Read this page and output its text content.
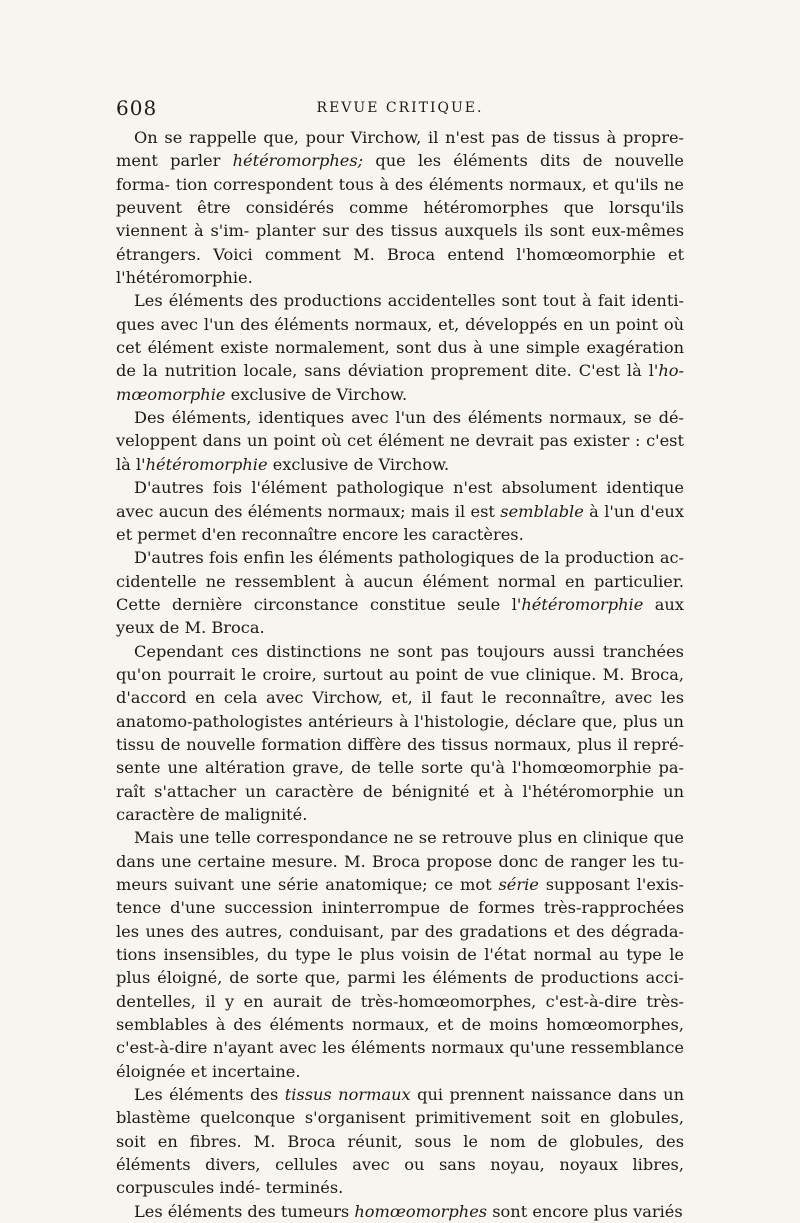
608	REVUE CRITIQUE.

On se rappelle que, pour Virchow, il n'est pas de tissus à propre- ment parler hétéromorphes; que les éléments dits de nouvelle forma- tion correspondent tous à des éléments normaux, et qu'ils ne peuvent être considérés comme hétéromorphes que lorsqu'ils viennent à s'im- planter sur des tissus auxquels ils sont eux-mêmes étrangers. Voici comment M. Broca entend l'homœomorphie et l'hétéromorphie.

Les éléments des productions accidentelles sont tout à fait identi- ques avec l'un des éléments normaux, et, développés en un point où cet élément existe normalement, sont dus à une simple exagération de la nutrition locale, sans déviation proprement dite. C'est là l'ho- mœomorphie exclusive de Virchow.

Des éléments, identiques avec l'un des éléments normaux, se dé- veloppent dans un point où cet élément ne devrait pas exister : c'est là l'hétéromorphie exclusive de Virchow.

D'autres fois l'élément pathologique n'est absolument identique avec aucun des éléments normaux; mais il est semblable à l'un d'eux et permet d'en reconnaître encore les caractères.

D'autres fois enfin les éléments pathologiques de la production ac- cidentelle ne ressemblent à aucun élément normal en particulier. Cette dernière circonstance constitue seule l'hétéromorphie aux yeux de M. Broca.

Cependant ces distinctions ne sont pas toujours aussi tranchées qu'on pourrait le croire, surtout au point de vue clinique. M. Broca, d'accord en cela avec Virchow, et, il faut le reconnaître, avec les anatomo-pathologistes antérieurs à l'histologie, déclare que, plus un tissu de nouvelle formation diffère des tissus normaux, plus il repré- sente une altération grave, de telle sorte qu'à l'homœomorphie pa- raît s'attacher un caractère de bénignité et à l'hétéromorphie un caractère de malignité.

Mais une telle correspondance ne se retrouve plus en clinique que dans une certaine mesure. M. Broca propose donc de ranger les tu- meurs suivant une série anatomique; ce mot série supposant l'exis- tence d'une succession ininterrompue de formes très-rapprochées les unes des autres, conduisant, par des gradations et des dégrada- tions insensibles, du type le plus voisin de l'état normal au type le plus éloigné, de sorte que, parmi les éléments de productions acci- dentelles, il y en aurait de très-homœomorphes, c'est-à-dire très- semblables à des éléments normaux, et de moins homœomorphes, c'est-à-dire n'ayant avec les éléments normaux qu'une ressemblance éloignée et incertaine.

Les éléments des tissus normaux qui prennent naissance dans un blastème quelconque s'organisent primitivement soit en globules, soit en fibres. M. Broca réunit, sous le nom de globules, des éléments divers, cellules avec ou sans noyau, noyaux libres, corpuscules indé- terminés.

Les éléments des tumeurs homœomorphes sont encore plus variés
